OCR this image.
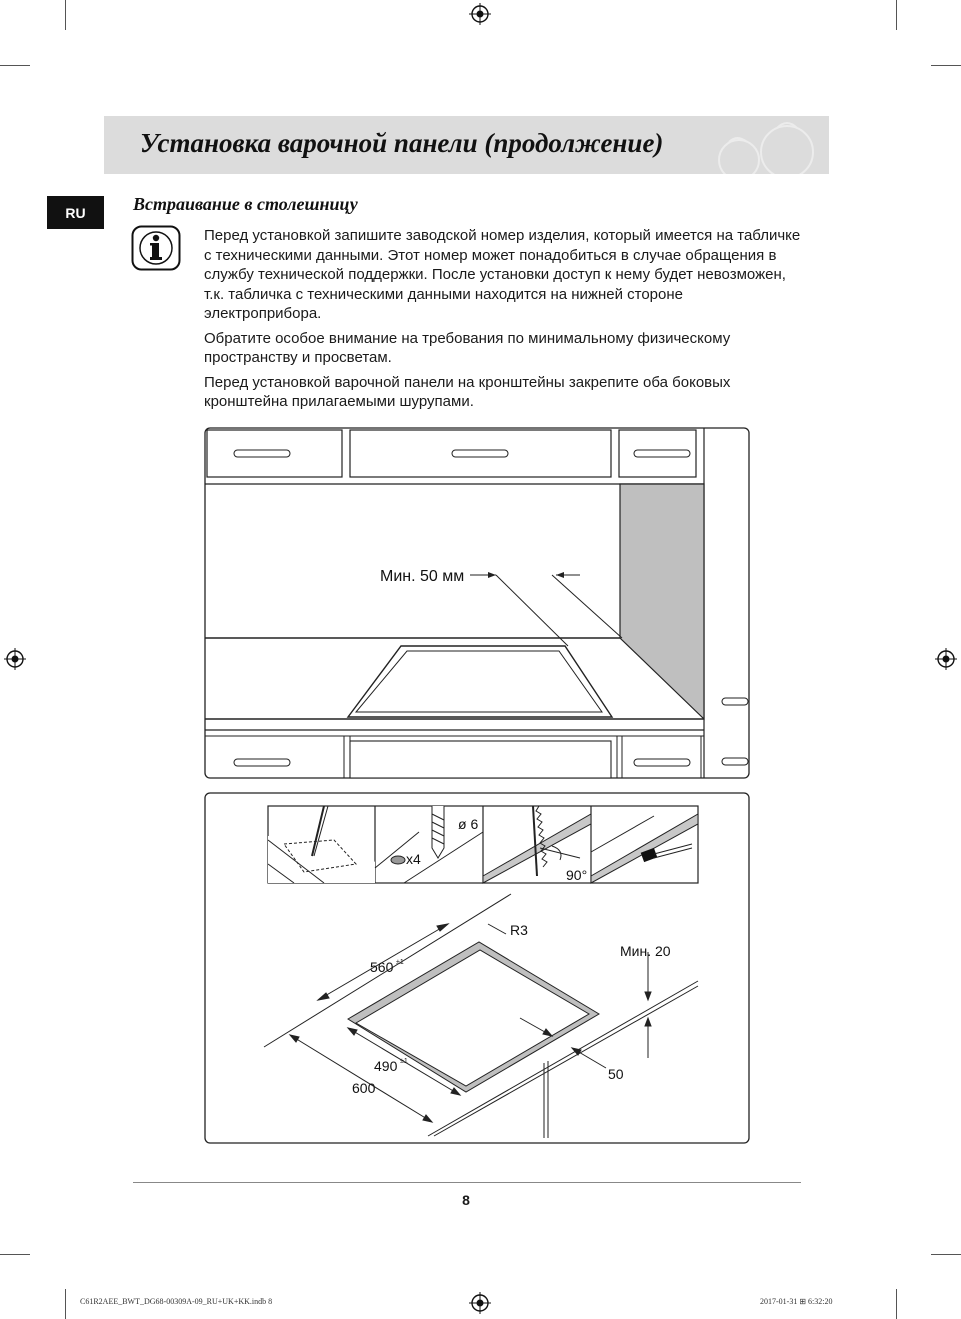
Установка варочной панели (продолжение)
RU	Встраивание в столешницу

Перед установкой запишите заводской номер изделия, который имеется на табличке с техническими данными. Этот номер может понадобиться в случае обращения в службу технической поддержки. После установки доступ к нему будет невозможен, т.к. табличка с техническими данными находится на нижней стороне электроприбора.

Обратите особое внимание на требования по минимальному физическому пространству и просветам.

Перед установкой варочной панели на кронштейны закрепите оба боковых кронштейна прилагаемыми шурупами.

Мин. 50 мм
ø 6
x4
90°
R3
560 ±1
490 ±1
600
50
Мин. 20
8
C61R2AEE_BWT_DG68-00309A-09_RU+UK+KK.indb 8	2017-01-31 ⊞ 6:32:20
